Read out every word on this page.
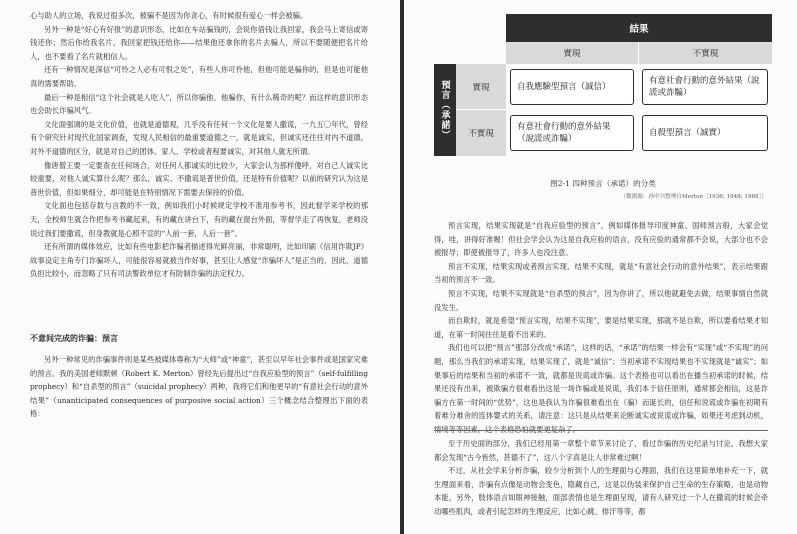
心与助人的立场，我说过很多次，被骗不是因为你贪心，有时候很有爱心一样会被骗。

另外一种是“好心有好报”的意识形态，比如在车站骗钱的，会说你借钱让我回家，我会马上寄信或寄钱还你；然后你给我名片，我回家把钱还给你——结果他还拿你的名片去骗人，所以不要随便把名片给人，也不要看了名片就相信人。

还有一种情况是深信“可怜之人必有可恨之处”，有些人你可怜他，但他可能是骗你的，但是也可能他真的需要帮助。

最后一种是相信“这个社会就是人吃人”，所以你骗他、他骗你，有什么稀奇的呢？而这样的意识形态也会助长诈骗风气。

文化面强调的是文化价值，也就是道德观，几乎没有任何一个文化是要人撒谎，一九五〇年代，曾经有个研究针对现代化国家调查，发现人民相信的最重要道德之一，就是诚实，但诚实还往往对内不道德，对外不道德的区分，就是对自己的团体、家人、学校或者程要诚实，对其他人就无所谓。

像唐僧王要一定要查在任何场合，对任何人都诚实的比较少，大家会认为那样傻呼，对自己人诚实比较重要，对他人诚实算什么呢？那么，诚实、不撒谎是普世价值，还是特有价值呢？以前的研究认为这是普世价值，但如果细分，却可能是在特别情况下需要去保持的价值。

文化面也包括存数与言教的不一致，例如我们小时候规定学校不准用参考书，因此督学来学校的那天，全校师生就合作把参考书藏起来，有的藏在讲台下，有的藏在窗台外面，等督学走了再恢复，老师没说过我们要撒谎，但身教就是心照不宣的“人前一套，人后一套”。

还有所谓的媒体效应，比如有些电影把诈骗者描述得光鲜亮丽，非常聪明，比如印刷《信用诈欺JP》故事设定主角专门诈骗坏人，可能很容易就被当作好事，甚至让人感觉“诈骗坏人”是正当的，因此，道德负担比较小，而忽略了只有司法警政单位才有防制诈骗的法定权力。

不意间完成的诈骗：预言

另外一种常见的诈骗事件则是某些被媒体尊称为“大师”或“神童”，甚至以早年社会事件或是国家灾难的预言。我的美国老师默顿（Robert K. Merton）曾经先后提出过“自我应验型的预言”（self-fulfilling prophecy）和“自杀型的预言”（suicidal prophecy）两种，我将它们和他更早的“有意社会行动的意外结果”（unanticipated consequences of purposive social action）三个概念结合整理出下面的表格：

結果
實現	不實現
預言（承諾）	實現
不實現
自我應驗型預言（誠信）
有意社會行動的意外結果（說謊或詐騙）
有意社會行動的意外結果（說謊或詐騙）
自殺型預言（誠實）
图2-1 四种预言（承诺）的分类
（数据源：孙中兴整理自Merton［1936; 1948; 1968］）

预言实现，结果实现就是“自我应验型的预言”，例如媒体报导印度神童、国师预言般，大家会觉得，哇，讲得好准喔！但社会学会认为这是自我应验的语言，没有应验的通常都不会说，大部分也不会被报导；即使被报导了，许多人也没注意。

预言不实现，结果实现或者预言实现、结果不实现，就是“有意社会行动的意外结果”，表示结果跟当初的预言不一致。

预言不实现，结果不实现就是“自杀型的预言”，因为你讲了，所以他就避免去做，结果事情自然就没发生。

而自欺时，就是希望“预言实现，结果不实现”，要是结果实现，那就不是自欺，所以要看结果才知道，在第一时间往往是看不出来的。

我们也可以把“预言”那部分改成“承诺”，这样的话，“承诺”的结果一样会有“实现”或“不实现”的问题，那么当我们的承诺实现，结果实现了，就是“诚信”；当初承诺不实现结果也不实现就是“诚实”；如果事后的结果和当初的承诺不一致，就都是说谎或诈骗。这个表格也可以看出在播当初承诺的时候，结果还没有出来，被欺骗方很难看出这是一场诈骗或是说谎，我们本于信任原则，通常都会相信，这是诈骗方在第一时间的“优势”，这也是我认为诈骗很难看出在（骗）而诞长的，信任和说谎或诈骗在初期有着难分难舍的连体婴式的关系，请注意：这只是从结果来论断诚实或说谎或诈骗，如果还考虑到动机，情境等等因素，这个表格恐怕就要更复杂了。

至于历史面的部分，我们已经用第一章整个章节来讨论了，看过诈骗的历史纪录与讨论，我想大家都会发现“古今皆然，甚德不了”，这八个字真是让人非常难过啊！

不过，从社会学来分析诈骗，较少分析到个人的生理面与心理面，我们在这里简单地补充一下，就生理面来看，诈骗有点像是动物会变色，隐藏自己，这是以伪装来保护自己生命的生存策略，也是动物本能，另外，肢体语言如眼神接触，面部表情也是生理面呈现，请有人研究过一个人在撒谎的时候会牵动哪些肌肉，或者引起怎样的生理反应，比如心跳、排汗等等，都
